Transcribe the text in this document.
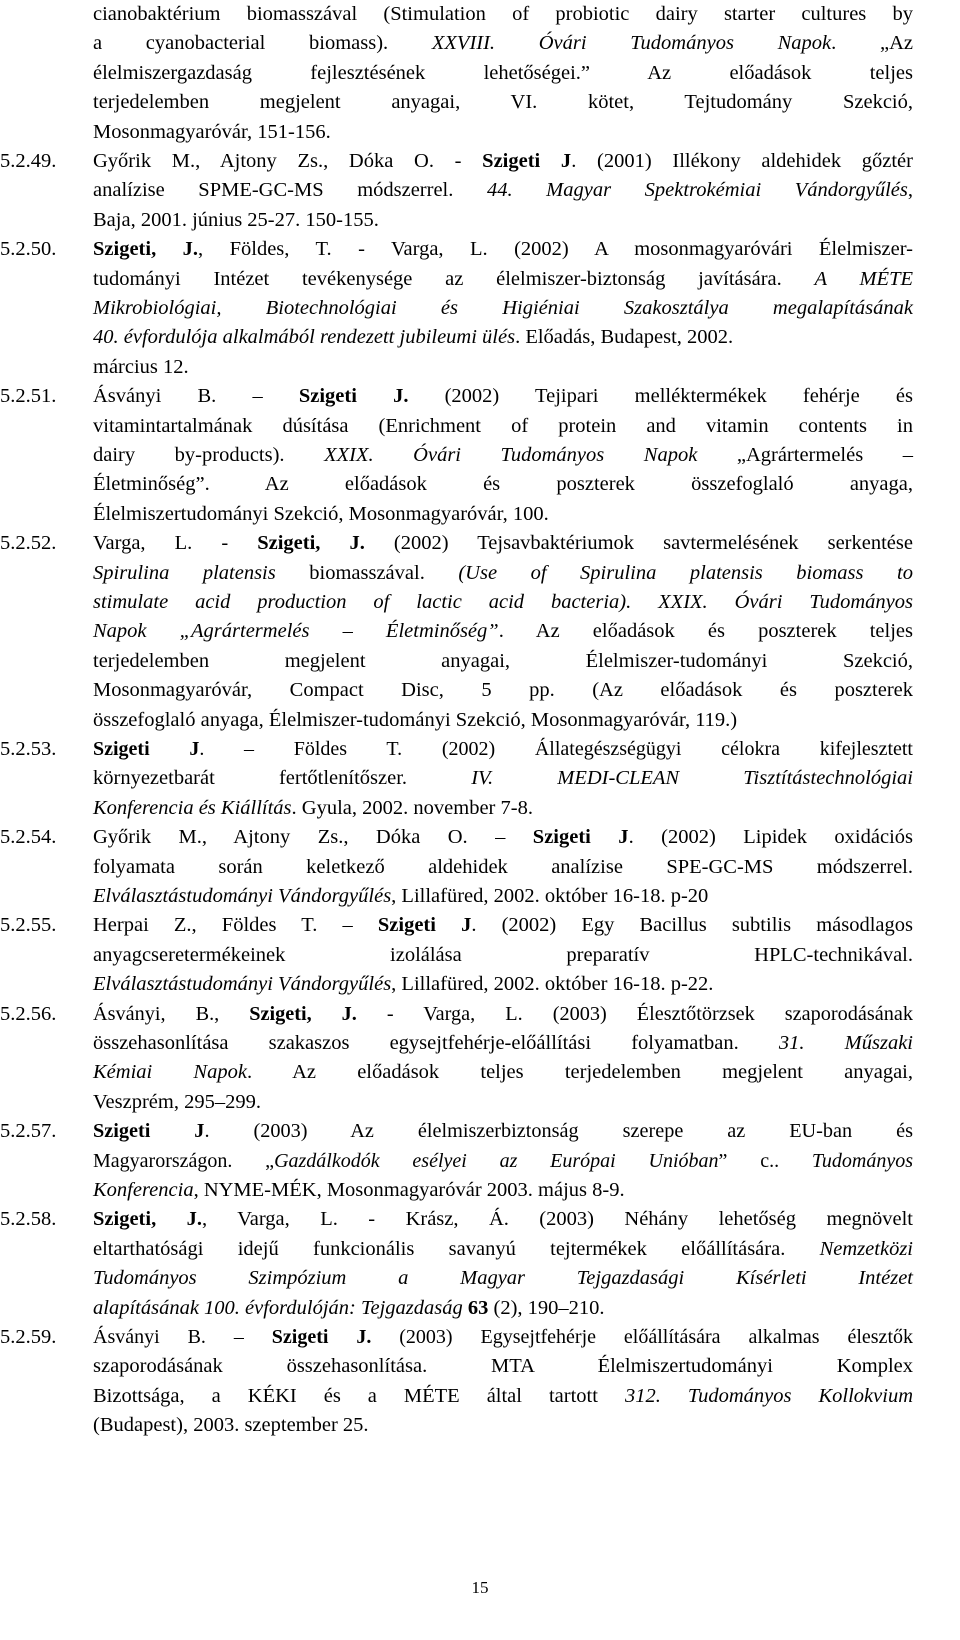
cianobaktérium biomasszával (Stimulation of probiotic dairy starter cultures by
a cyanobacterial biomass). XXVIII. Óvári Tudományos Napok. „Az
élelmiszergazdaság fejlesztésének lehetőségei.” Az előadások teljes
terjedelemben megjelent anyagai, VI. kötet, Tejtudomány Szekció,
Mosonmagyaróvár, 151-156.
5.2.49.	Győrik M., Ajtony Zs., Dóka O. - Szigeti J. (2001) Illékony aldehidek gőztér
analízise SPME-GC-MS módszerrel. 44. Magyar Spektrokémiai Vándorgyűlés,
Baja, 2001. június 25-27. 150-155.
5.2.50.	Szigeti, J., Földes, T. - Varga, L. (2002) A mosonmagyaróvári Élelmiszer-
tudományi Intézet tevékenysége az élelmiszer-biztonság javítására. A MÉTE
Mikrobiológiai, Biotechnológiai és Higiéniai Szakosztálya megalapításának
40. évfordulója alkalmából rendezett jubileumi ülés. Előadás, Budapest, 2002.
március 12.
5.2.51.	Ásványi B. – Szigeti J. (2002) Tejipari melléktermékek fehérje és
vitamintartalmának dúsítása (Enrichment of protein and vitamin contents in
dairy by-products). XXIX. Óvári Tudományos Napok „Agrártermelés –
Életminőség”. Az előadások és poszterek összefoglaló anyaga,
Élelmiszertudományi Szekció, Mosonmagyaróvár, 100.
5.2.52.	Varga, L. - Szigeti, J. (2002) Tejsavbaktériumok savtermelésének serkentése
Spirulina platensis biomasszával. (Use of Spirulina platensis biomass to
stimulate acid production of lactic acid bacteria). XXIX. Óvári Tudományos
Napok „Agrártermelés – Életminőség”. Az előadások és poszterek teljes
terjedelemben megjelent anyagai, Élelmiszer-tudományi Szekció,
Mosonmagyaróvár, Compact Disc, 5 pp. (Az előadások és poszterek
összefoglaló anyaga, Élelmiszer-tudományi Szekció, Mosonmagyaróvár, 119.)
5.2.53.	Szigeti J. – Földes T. (2002) Állategészségügyi célokra kifejlesztett
környezetbarát fertőtlenítőszer. IV. MEDI-CLEAN Tisztítástechnológiai
Konferencia és Kiállítás. Gyula, 2002. november 7-8.
5.2.54.	Győrik M., Ajtony Zs., Dóka O. – Szigeti J. (2002) Lipidek oxidációs
folyamata során keletkező aldehidek analízise SPE-GC-MS módszerrel.
Elválasztástudományi Vándorgyűlés, Lillafüred, 2002. október 16-18. p-20
5.2.55.	Herpai Z., Földes T. – Szigeti J. (2002) Egy Bacillus subtilis másodlagos
anyagcseretermékeinek izolálása preparatív HPLC-technikával.
Elválasztástudományi Vándorgyűlés, Lillafüred, 2002. október 16-18. p-22.
5.2.56.	Ásványi, B., Szigeti, J. - Varga, L. (2003) Élesztőtörzsek szaporodásának
összehasonlítása szakaszos egysejtfehérje-előállítási folyamatban. 31. Műszaki
Kémiai Napok. Az előadások teljes terjedelemben megjelent anyagai,
Veszprém, 295–299.
5.2.57.	Szigeti J. (2003) Az élelmiszerbiztonság szerepe az EU-ban és
Magyarországon. „Gazdálkodók esélyei az Európai Unióban” c.. Tudományos
Konferencia, NYME-MÉK, Mosonmagyaróvár 2003. május 8-9.
5.2.58.	Szigeti, J., Varga, L. - Krász, Á. (2003) Néhány lehetőség megnövelt
eltarthatósági idejű funkcionális savanyú tejtermékek előállítására. Nemzetközi
Tudományos Szimpózium a Magyar Tejgazdasági Kísérleti Intézet
alapításának 100. évfordulóján: Tejgazdaság 63 (2), 190–210.
5.2.59.	Ásványi B. – Szigeti J. (2003) Egysejtfehérje előállítására alkalmas élesztők
szaporodásának összehasonlítása. MTA Élelmiszertudományi Komplex
Bizottsága, a KÉKI és a MÉTE által tartott 312. Tudományos Kollokvium
(Budapest), 2003. szeptember 25.
15
